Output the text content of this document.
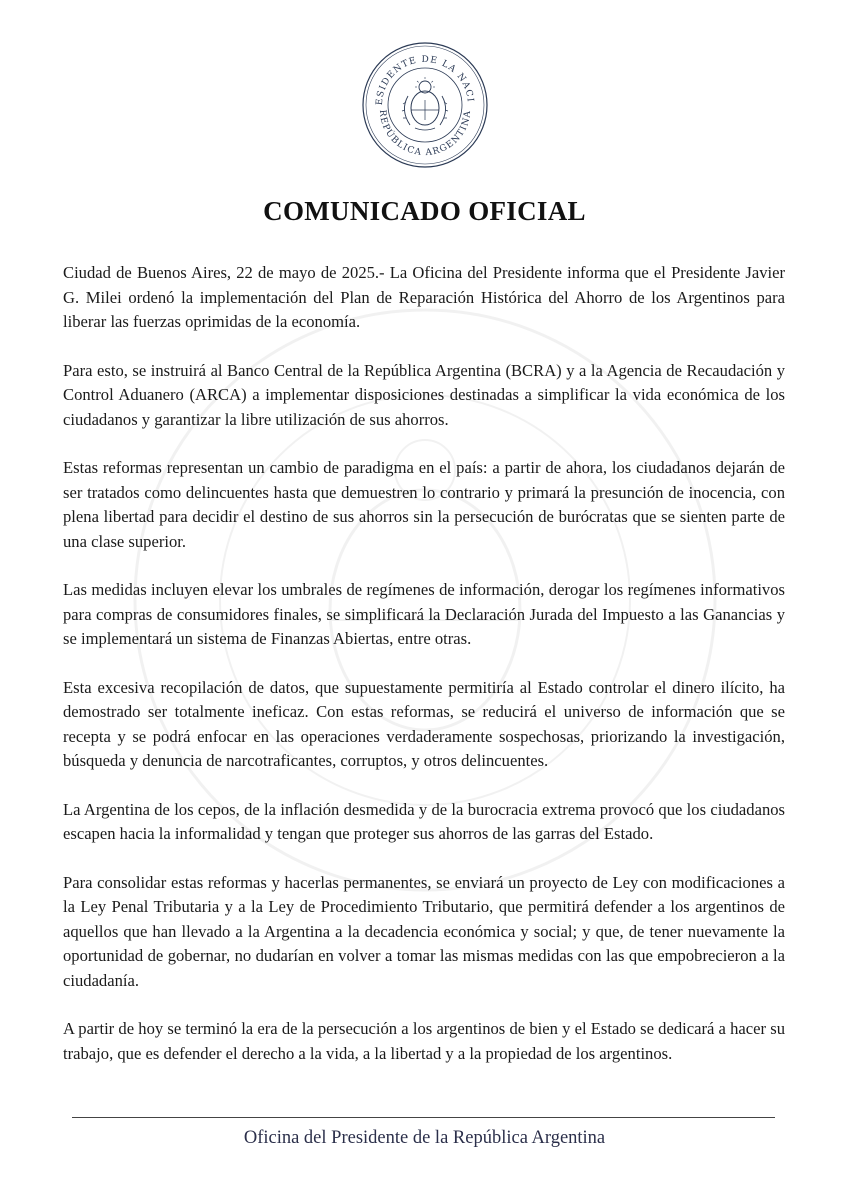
ESIDENTE DE LA NACI
REPÚBLICA ARGENTINA
COMUNICADO OFICIAL

Ciudad de Buenos Aires, 22 de mayo de 2025.- La Oficina del Presidente informa que el Presidente Javier G. Milei ordenó la implementación del Plan de Reparación Histórica del Ahorro de los Argentinos para liberar las fuerzas oprimidas de la economía.

Para esto, se instruirá al Banco Central de la República Argentina (BCRA) y a la Agencia de Recaudación y Control Aduanero (ARCA) a implementar disposiciones destinadas a simplificar la vida económica de los ciudadanos y garantizar la libre utilización de sus ahorros.

Estas reformas representan un cambio de paradigma en el país: a partir de ahora, los ciudadanos dejarán de ser tratados como delincuentes hasta que demuestren lo contrario y primará la presunción de inocencia, con plena libertad para decidir el destino de sus ahorros sin la persecución de burócratas que se sienten parte de una clase superior.

Las medidas incluyen elevar los umbrales de regímenes de información, derogar los regímenes informativos para compras de consumidores finales, se simplificará la Declaración Jurada del Impuesto a las Ganancias y se implementará un sistema de Finanzas Abiertas, entre otras.

Esta excesiva recopilación de datos, que supuestamente permitiría al Estado controlar el dinero ilícito, ha demostrado ser totalmente ineficaz. Con estas reformas, se reducirá el universo de información que se recepta y se podrá enfocar en las operaciones verdaderamente sospechosas, priorizando la investigación, búsqueda y denuncia de narcotraficantes, corruptos, y otros delincuentes.

La Argentina de los cepos, de la inflación desmedida y de la burocracia extrema provocó que los ciudadanos escapen hacia la informalidad y tengan que proteger sus ahorros de las garras del Estado.

Para consolidar estas reformas y hacerlas permanentes, se enviará un proyecto de Ley con modificaciones a la Ley Penal Tributaria y a la Ley de Procedimiento Tributario, que permitirá defender a los argentinos de aquellos que han llevado a la Argentina a la decadencia económica y social; y que, de tener nuevamente la oportunidad de gobernar, no dudarían en volver a tomar las mismas medidas con las que empobrecieron a la ciudadanía.

A partir de hoy se terminó la era de la persecución a los argentinos de bien y el Estado se dedicará a hacer su trabajo, que es defender el derecho a la vida, a la libertad y a la propiedad de los argentinos.

Oficina del Presidente de la República Argentina
